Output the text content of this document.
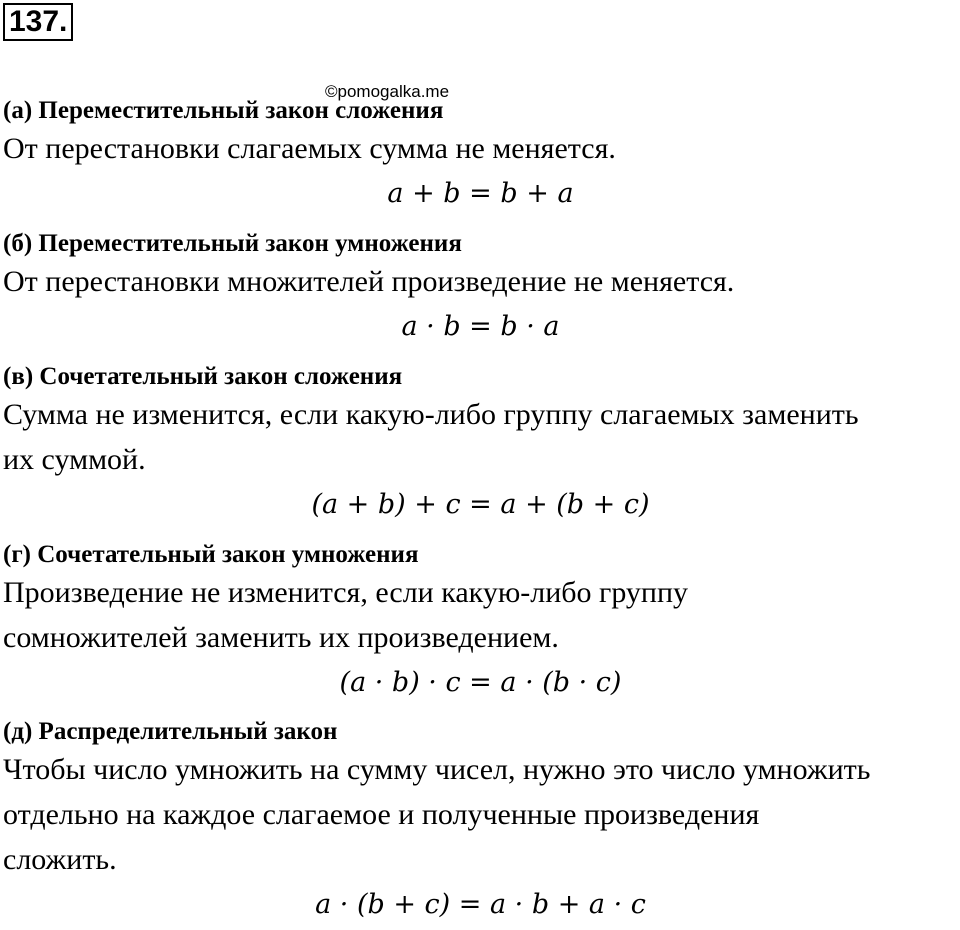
137.
©pomogalka.me
(а) Переместительный закон сложения
От перестановки слагаемых сумма не меняется.
a + b = b + a
(б) Переместительный закон умножения
От перестановки множителей произведение не меняется.
a · b = b · a
(в) Сочетательный закон сложения
Сумма не изменится, если какую-либо группу слагаемых заменить
их суммой.
(a + b) + c = a + (b + c)
(г) Сочетательный закон умножения
Произведение не изменится, если какую-либо группу
сомножителей заменить их произведением.
(a · b) · c = a · (b · c)
(д) Распределительный закон
Чтобы число умножить на сумму чисел, нужно это число умножить
отдельно на каждое слагаемое и полученные произведения
сложить.
a · (b + c) = a · b + a · c
